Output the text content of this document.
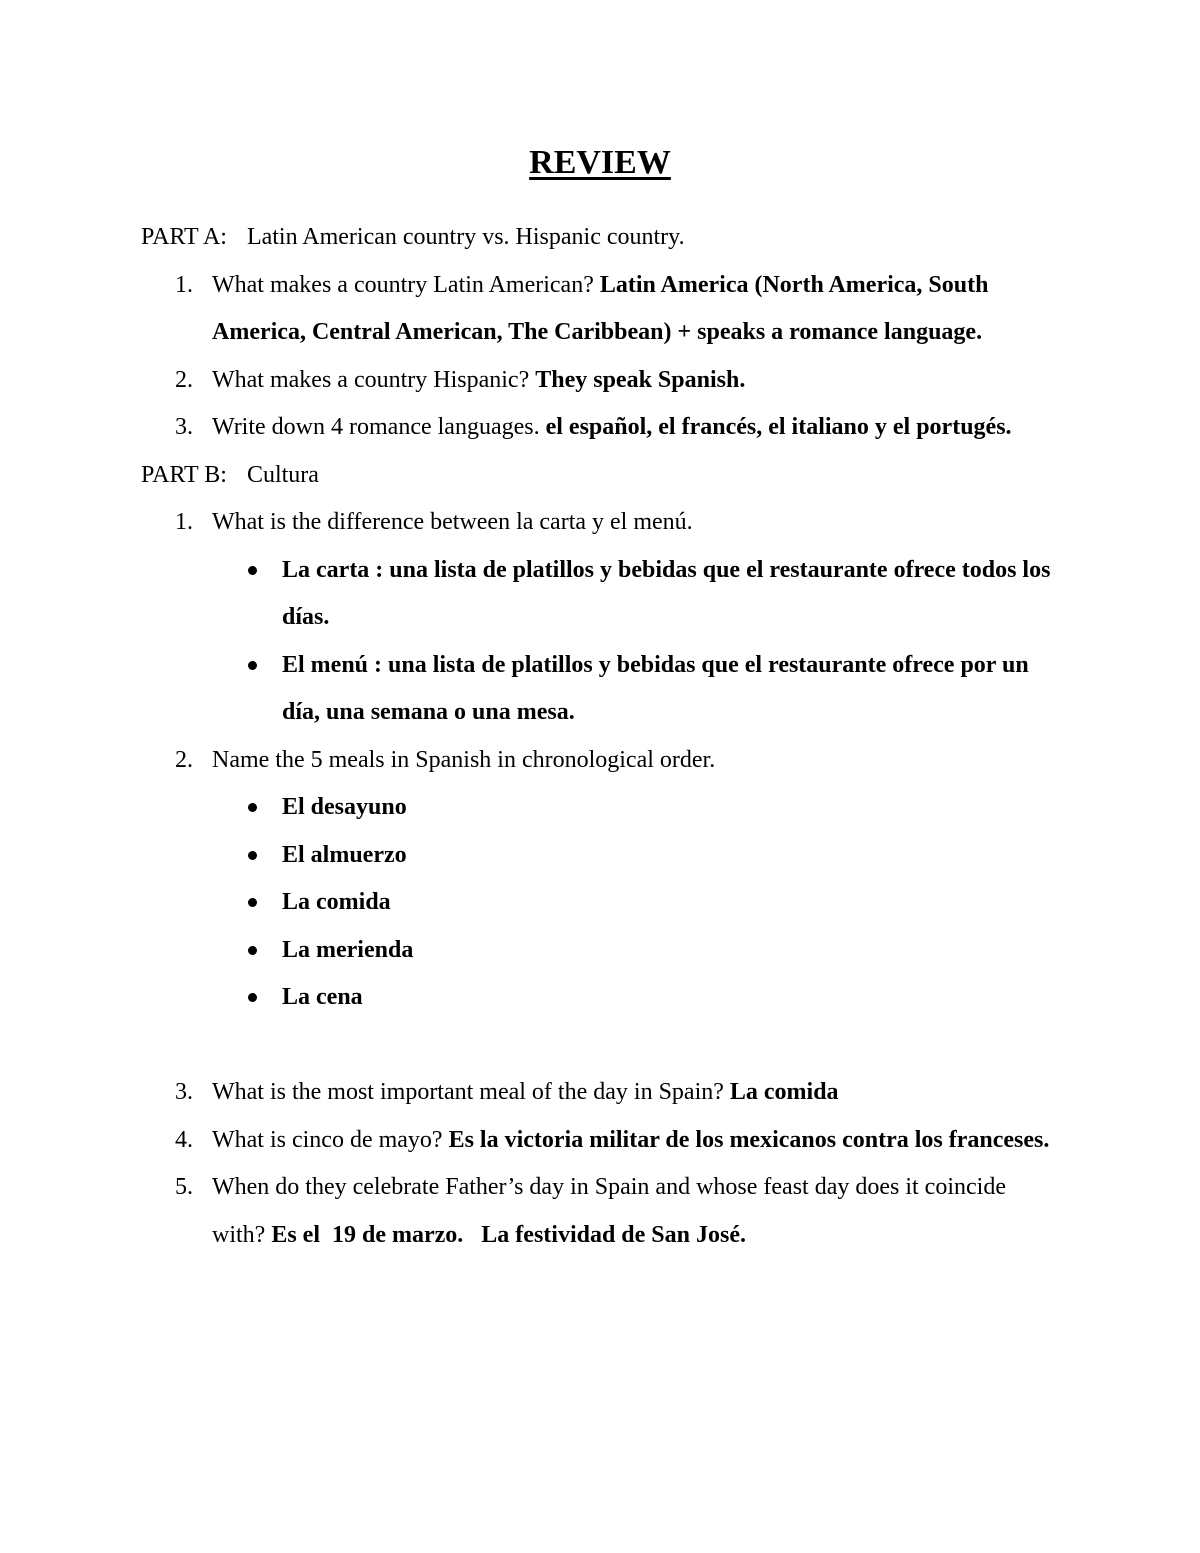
REVIEW

PART A: Latin American country vs. Hispanic country.

1. What makes a country Latin American? Latin America (North America, South America, Central American, The Caribbean) + speaks a romance language.

2. What makes a country Hispanic? They speak Spanish.

3. Write down 4 romance languages. el español, el francés, el italiano y el portugés.

PART B: Cultura

1. What is the difference between la carta y el menú.

La carta : una lista de platillos y bebidas que el restaurante ofrece todos los días.

El menú : una lista de platillos y bebidas que el restaurante ofrece por un día, una semana o una mesa.

2. Name the 5 meals in Spanish in chronological order.

El desayuno

El almuerzo

La comida

La merienda

La cena

3. What is the most important meal of the day in Spain? La comida

4. What is cinco de mayo? Es la victoria militar de los mexicanos contra los franceses.

5. When do they celebrate Father’s day in Spain and whose feast day does it coincide with? Es el  19 de marzo.   La festividad de San José.
